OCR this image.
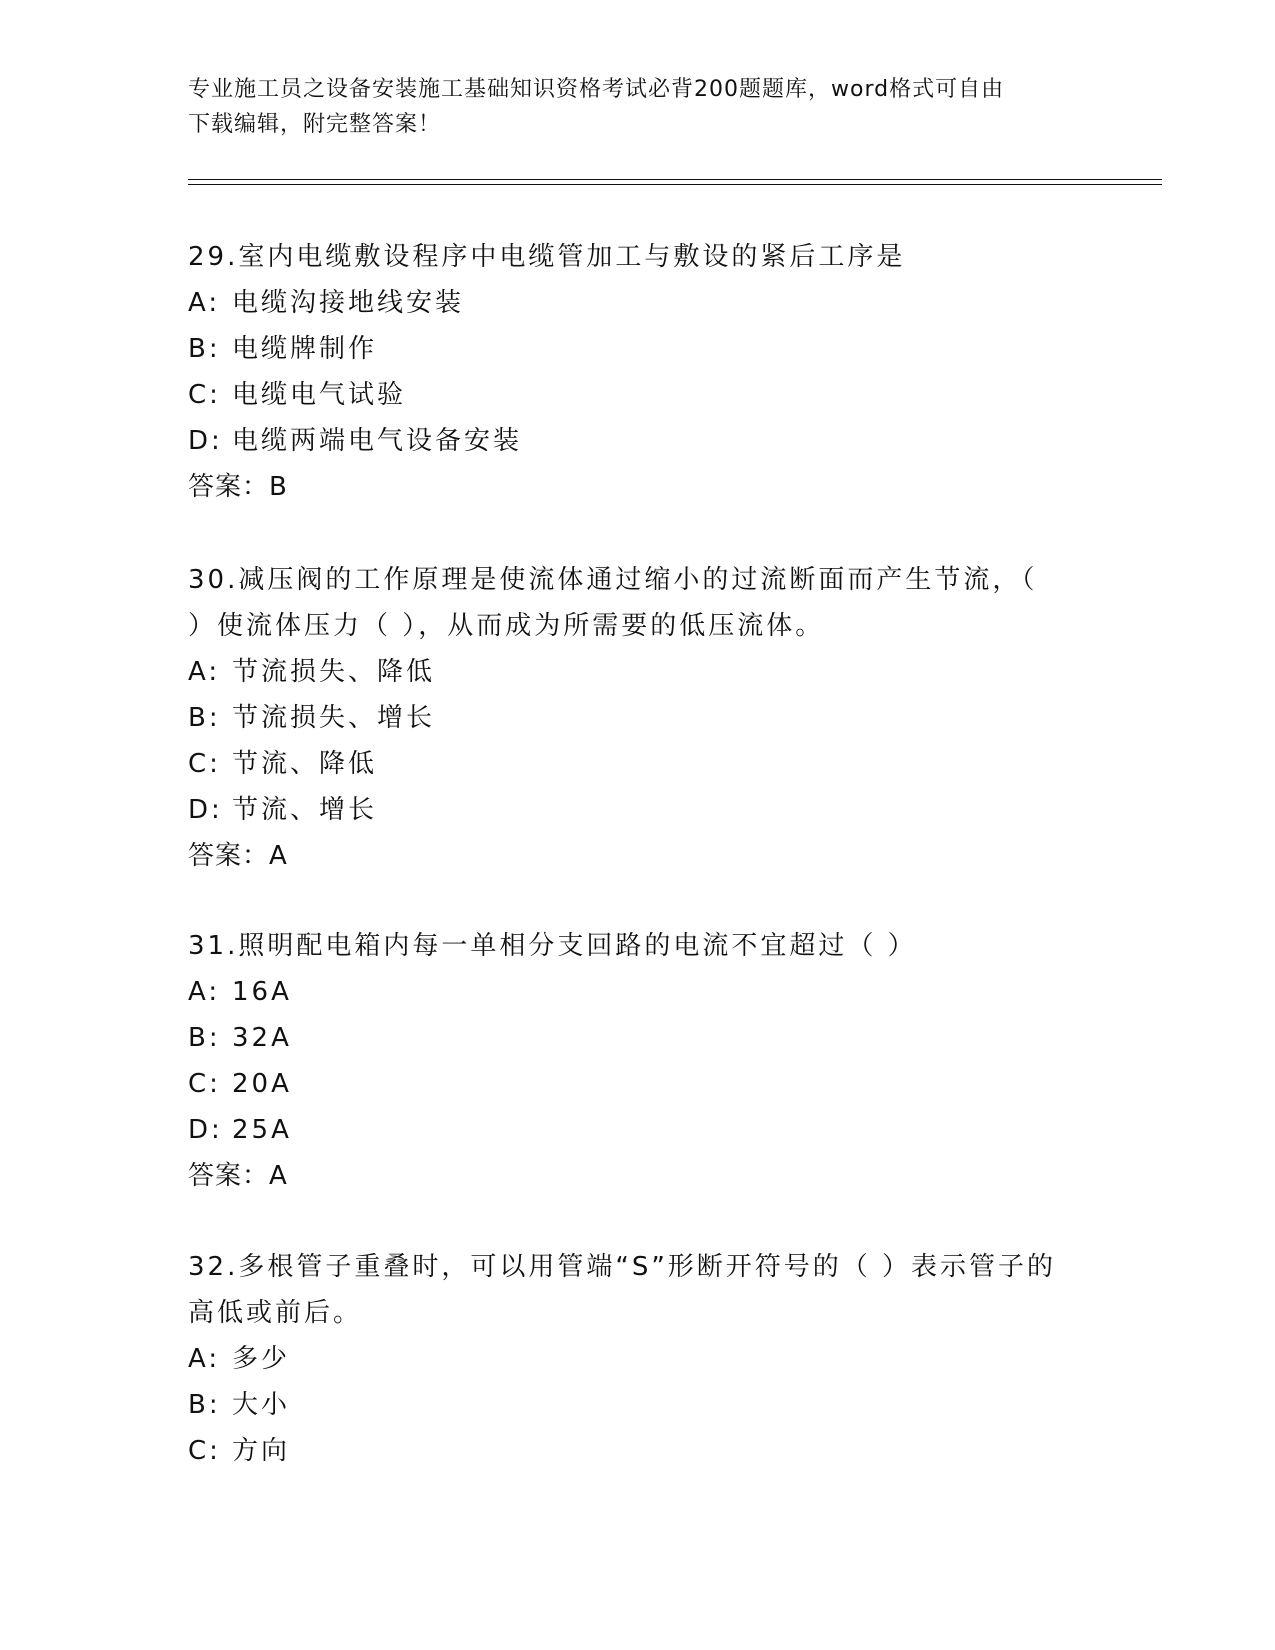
专业施工员之设备安装施工基础知识资格考试必背200题题库，word格式可自由
下载编辑，附完整答案！
29.室内电缆敷设程序中电缆管加工与敷设的紧后工序是
A: 电缆沟接地线安装
B: 电缆牌制作
C: 电缆电气试验
D: 电缆两端电气设备安装
答案：B
30.减压阀的工作原理是使流体通过缩小的过流断面而产生节流，（
）使流体压力（ ），从而成为所需要的低压流体。
A: 节流损失、降低
B: 节流损失、增长
C: 节流、降低
D: 节流、增长
答案：A
31.照明配电箱内每一单相分支回路的电流不宜超过（ ）
A: 16A
B: 32A
C: 20A
D: 25A
答案：A
32.多根管子重叠时，可以用管端“S”形断开符号的（ ）表示管子的
高低或前后。
A: 多少
B: 大小
C: 方向
